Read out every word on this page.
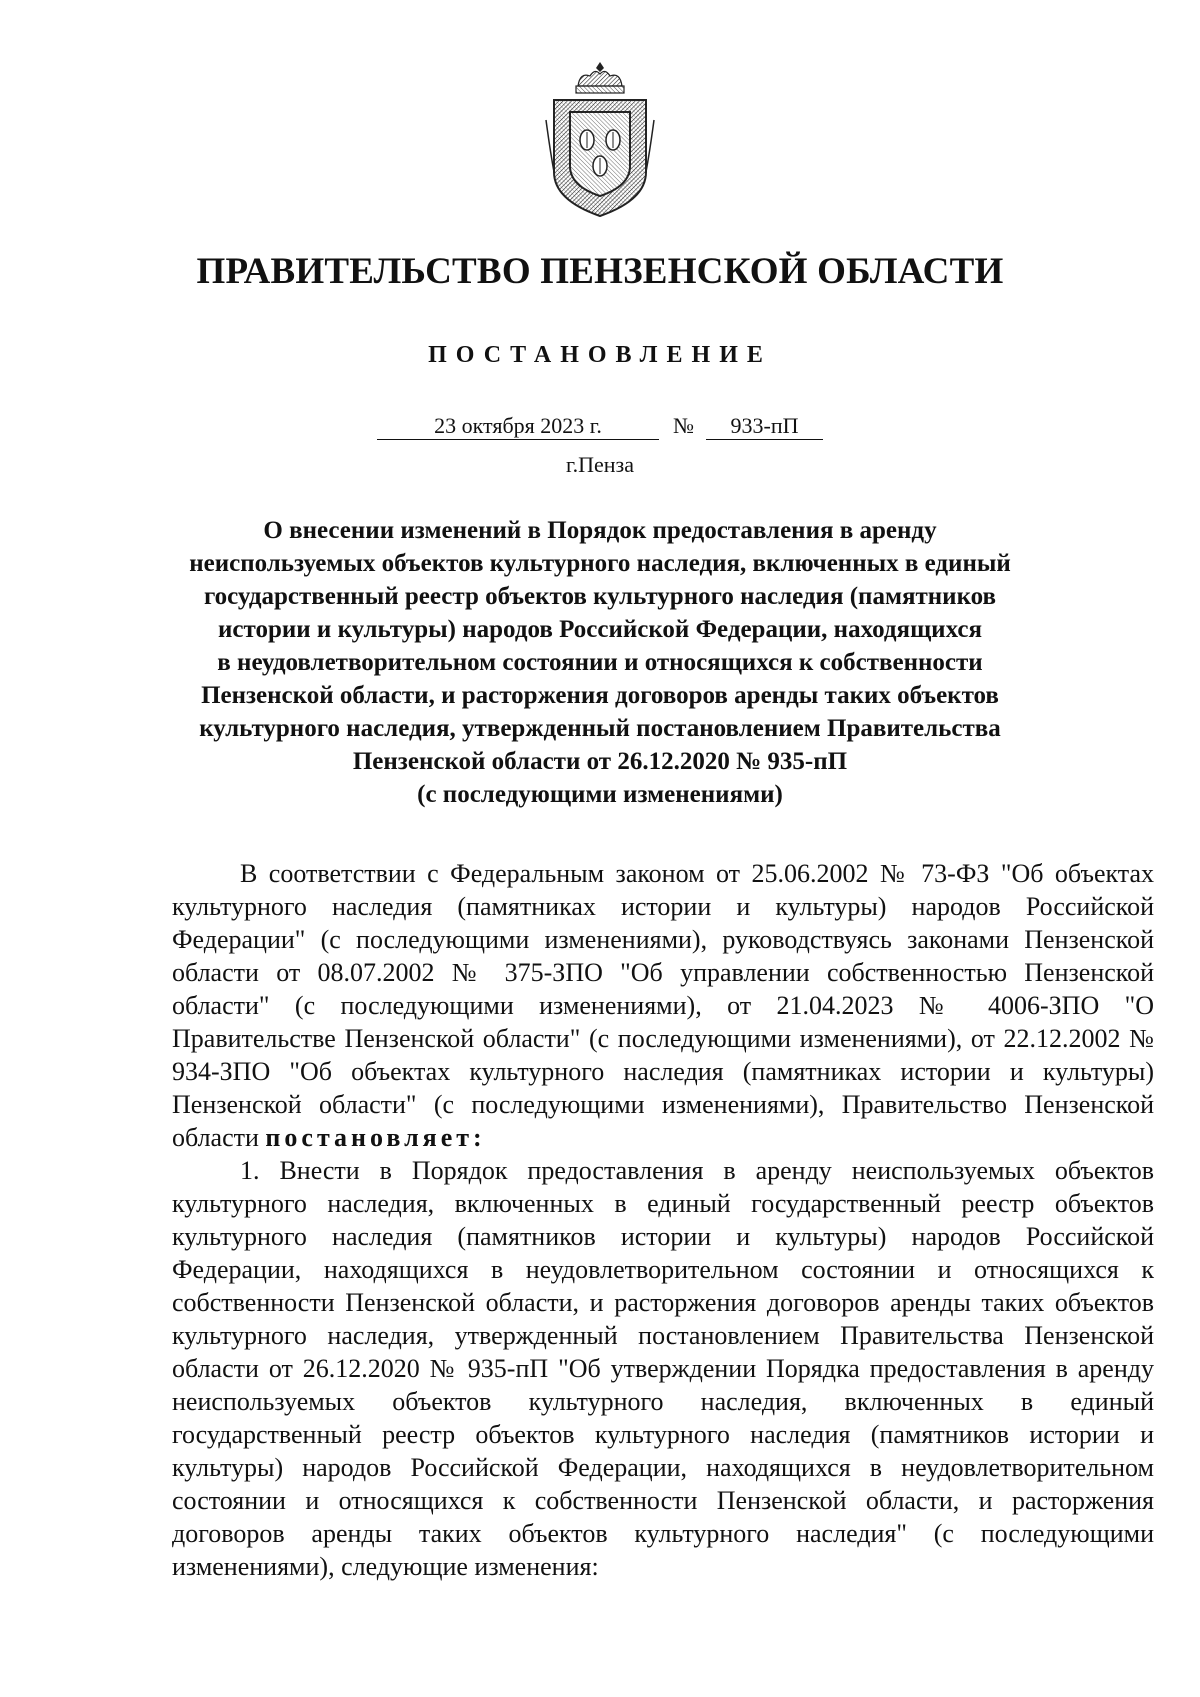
ПРАВИТЕЛЬСТВО ПЕНЗЕНСКОЙ ОБЛАСТИ
ПОСТАНОВЛЕНИЕ
23 октября 2023 г.	№ 933-пП
г.Пенза
О внесении изменений в Порядок предоставления в аренду
неиспользуемых объектов культурного наследия, включенных в единый
государственный реестр объектов культурного наследия (памятников
истории и культуры) народов Российской Федерации, находящихся
в неудовлетворительном состоянии и относящихся к собственности
Пензенской области, и расторжения договоров аренды таких объектов
культурного наследия, утвержденный постановлением Правительства
Пензенской области от 26.12.2020 № 935-пП
(с последующими изменениями)

В соответствии с Федеральным законом от 25.06.2002 № 73-ФЗ "Об объектах культурного наследия (памятниках истории и культуры) народов Российской Федерации" (с последующими изменениями), руководствуясь законами Пензенской области от 08.07.2002 № 375-ЗПО "Об управлении собственностью Пензенской области" (с последующими изменениями), от 21.04.2023 № 4006-ЗПО "О Правительстве Пензенской области" (с последующими изменениями), от 22.12.2002 № 934-ЗПО "Об объектах культурного наследия (памятниках истории и культуры) Пензенской области" (с последующими изменениями), Правительство Пензенской области постановляет:

1. Внести в Порядок предоставления в аренду неиспользуемых объектов культурного наследия, включенных в единый государственный реестр объектов культурного наследия (памятников истории и культуры) народов Российской Федерации, находящихся в неудовлетворительном состоянии и относящихся к собственности Пензенской области, и расторжения договоров аренды таких объектов культурного наследия, утвержденный постановлением Правительства Пензенской области от 26.12.2020 № 935-пП "Об утверждении Порядка предоставления в аренду неиспользуемых объектов культурного наследия, включенных в единый государственный реестр объектов культурного наследия (памятников истории и культуры) народов Российской Федерации, находящихся в неудовлетворительном состоянии и относящихся к собственности Пензенской области, и расторжения договоров аренды таких объектов культурного наследия" (с последующими изменениями), следующие изменения:
